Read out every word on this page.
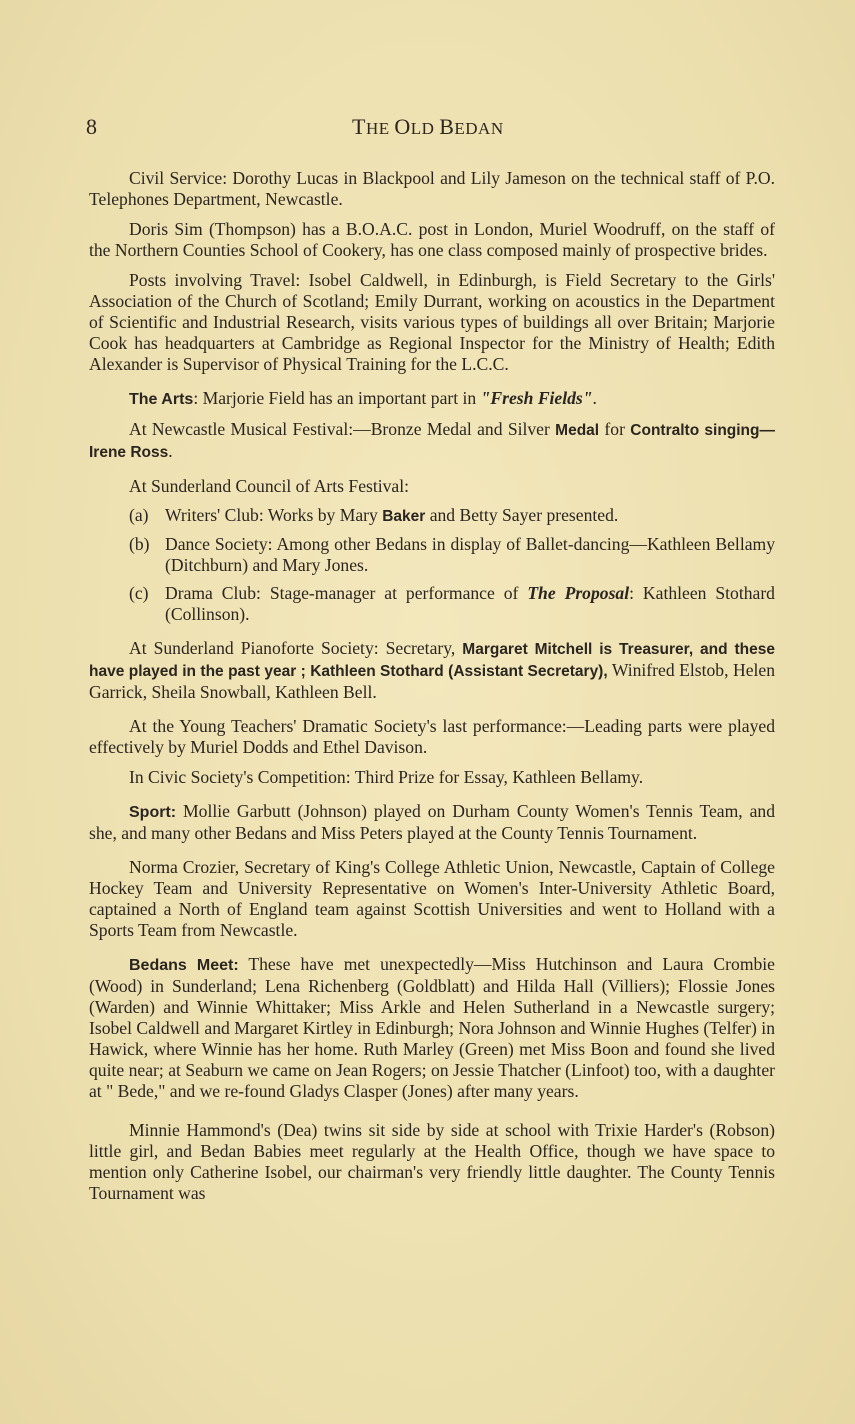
8	THE OLD BEDAN

Civil Service: Dorothy Lucas in Blackpool and Lily Jameson on the technical staff of P.O. Telephones Department, Newcastle.

Doris Sim (Thompson) has a B.O.A.C. post in London, Muriel Woodruff, on the staff of the Northern Counties School of Cookery, has one class composed mainly of prospective brides.

Posts involving Travel: Isobel Caldwell, in Edinburgh, is Field Secretary to the Girls' Association of the Church of Scotland; Emily Durrant, working on acoustics in the Department of Scientific and Industrial Research, visits various types of buildings all over Britain; Marjorie Cook has headquarters at Cambridge as Regional Inspector for the Ministry of Health; Edith Alexander is Supervisor of Physical Training for the L.C.C.

The Arts: Marjorie Field has an important part in "Fresh Fields".

At Newcastle Musical Festival:—Bronze Medal and Silver Medal for Contralto singing—Irene Ross.

At Sunderland Council of Arts Festival:

(a) Writers' Club: Works by Mary Baker and Betty Sayer presented.
(b) Dance Society: Among other Bedans in display of Ballet-dancing—Kathleen Bellamy (Ditchburn) and Mary Jones.
(c) Drama Club: Stage-manager at performance of The Proposal: Kathleen Stothard (Collinson).

At Sunderland Pianoforte Society: Secretary, Margaret Mitchell is Treasurer, and these have played in the past year ; Kathleen Stothard (Assistant Secretary), Winifred Elstob, Helen Garrick, Sheila Snowball, Kathleen Bell.

At the Young Teachers' Dramatic Society's last performance:—Leading parts were played effectively by Muriel Dodds and Ethel Davison.

In Civic Society's Competition: Third Prize for Essay, Kathleen Bellamy.

Sport: Mollie Garbutt (Johnson) played on Durham County Women's Tennis Team, and she, and many other Bedans and Miss Peters played at the County Tennis Tournament.

Norma Crozier, Secretary of King's College Athletic Union, Newcastle, Captain of College Hockey Team and University Representative on Women's Inter-University Athletic Board, captained a North of England team against Scottish Universities and went to Holland with a Sports Team from Newcastle.

Bedans Meet: These have met unexpectedly—Miss Hutchinson and Laura Crombie (Wood) in Sunderland; Lena Richenberg (Goldblatt) and Hilda Hall (Villiers); Flossie Jones (Warden) and Winnie Whittaker; Miss Arkle and Helen Sutherland in a Newcastle surgery; Isobel Caldwell and Margaret Kirtley in Edinburgh; Nora Johnson and Winnie Hughes (Telfer) in Hawick, where Winnie has her home. Ruth Marley (Green) met Miss Boon and found she lived quite near; at Seaburn we came on Jean Rogers; on Jessie Thatcher (Linfoot) too, with a daughter at " Bede," and we re-found Gladys Clasper (Jones) after many years.

Minnie Hammond's (Dea) twins sit side by side at school with Trixie Harder's (Robson) little girl, and Bedan Babies meet regularly at the Health Office, though we have space to mention only Catherine Isobel, our chairman's very friendly little daughter. The County Tennis Tournament was
